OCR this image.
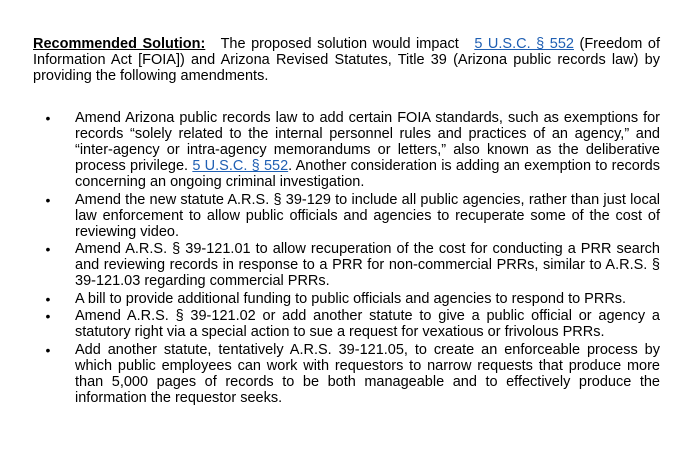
Recommended Solution: The proposed solution would impact 5 U.S.C. § 552 (Freedom of Information Act [FOIA]) and Arizona Revised Statutes, Title 39 (Arizona public records law) by providing the following amendments.

• Amend Arizona public records law to add certain FOIA standards, such as exemptions for records “solely related to the internal personnel rules and practices of an agency,” and “inter-agency or intra-agency memorandums or letters,” also known as the deliberative process privilege. 5 U.S.C. § 552. Another consideration is adding an exemption to records concerning an ongoing criminal investigation.
• Amend the new statute A.R.S. § 39-129 to include all public agencies, rather than just local law enforcement to allow public officials and agencies to recuperate some of the cost of reviewing video.
• Amend A.R.S. § 39-121.01 to allow recuperation of the cost for conducting a PRR search and reviewing records in response to a PRR for non-commercial PRRs, similar to A.R.S. § 39-121.03 regarding commercial PRRs.
• A bill to provide additional funding to public officials and agencies to respond to PRRs.
• Amend A.R.S. § 39-121.02 or add another statute to give a public official or agency a statutory right via a special action to sue a request for vexatious or frivolous PRRs.
• Add another statute, tentatively A.R.S. 39-121.05, to create an enforceable process by which public employees can work with requestors to narrow requests that produce more than 5,000 pages of records to be both manageable and to effectively produce the information the requestor seeks.
